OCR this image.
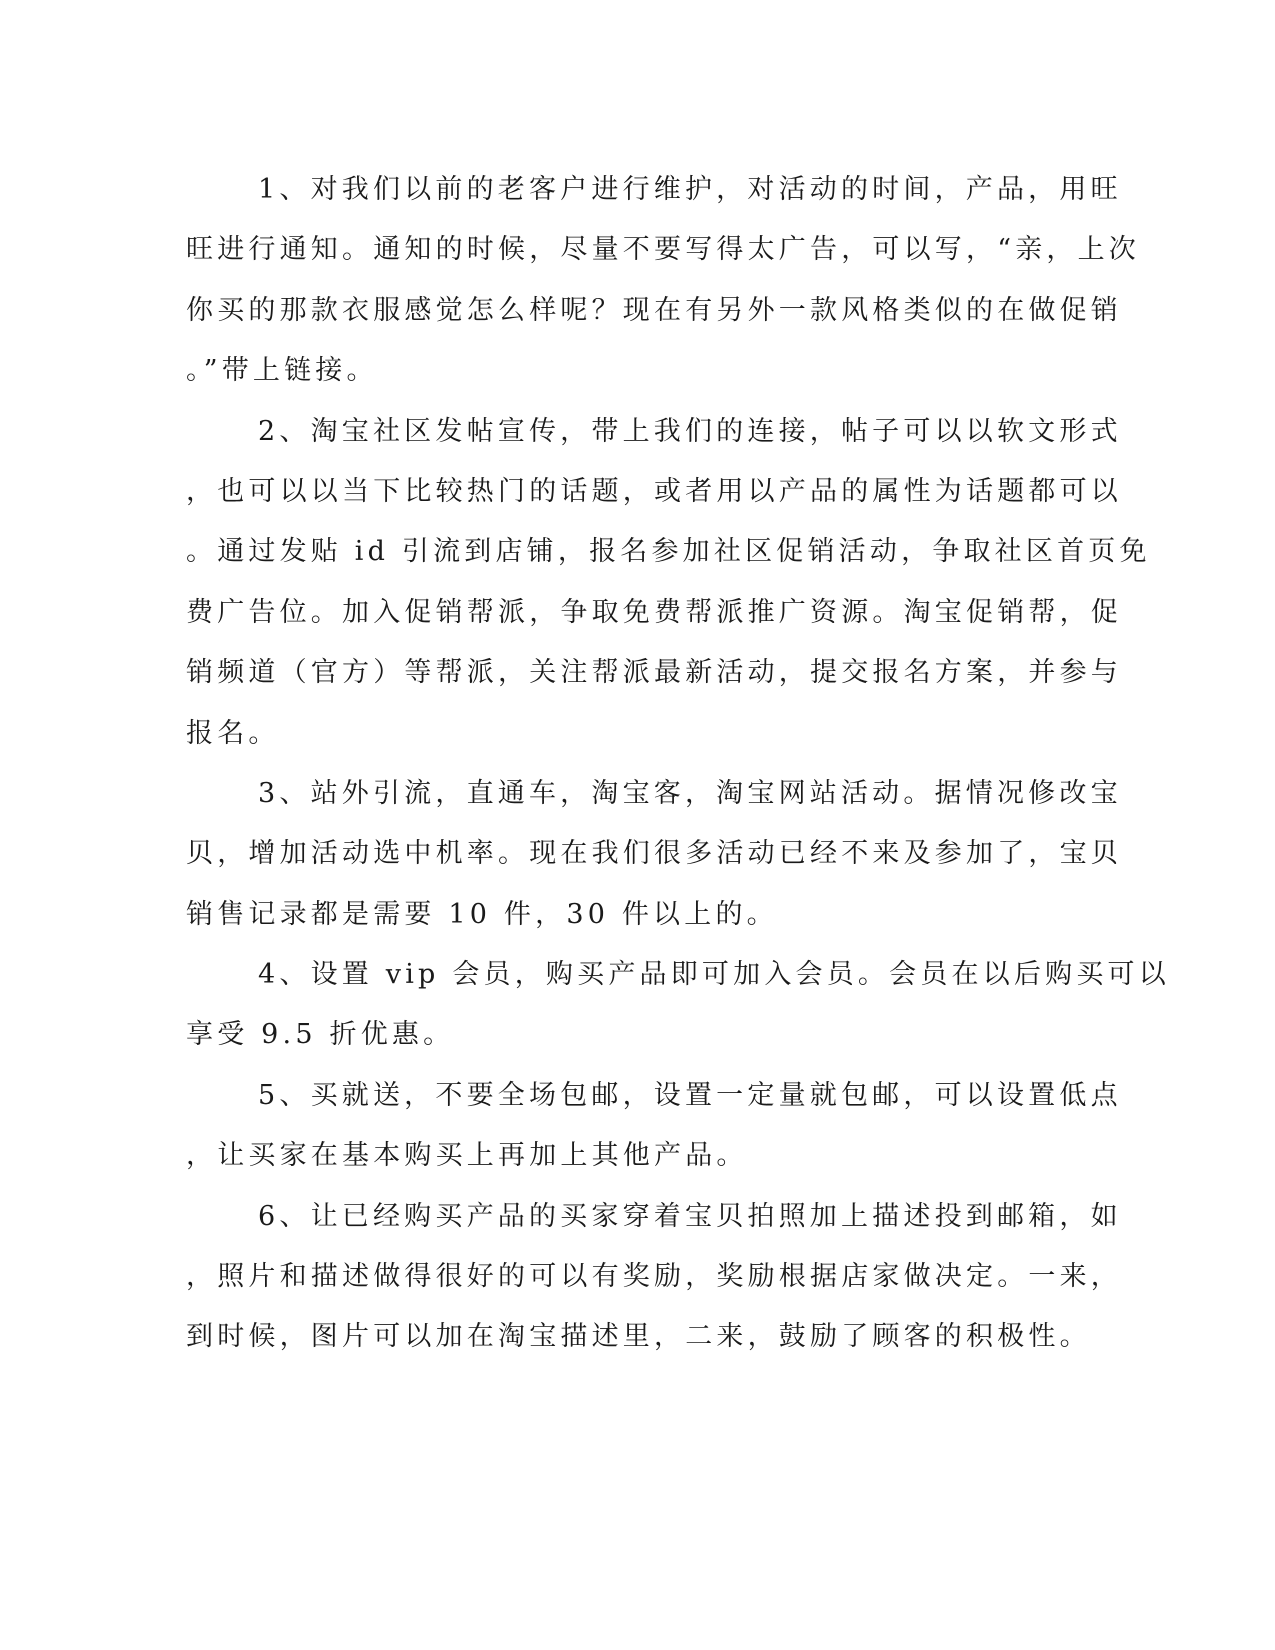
1、对我们以前的老客户进行维护，对活动的时间，产品，用旺
旺进行通知。通知的时候，尽量不要写得太广告，可以写，“亲，上次
你买的那款衣服感觉怎么样呢？现在有另外一款风格类似的在做促销
。”带上链接。
2、淘宝社区发帖宣传，带上我们的连接，帖子可以以软文形式
，也可以以当下比较热门的话题，或者用以产品的属性为话题都可以
。通过发贴 id 引流到店铺，报名参加社区促销活动，争取社区首页免
费广告位。加入促销帮派，争取免费帮派推广资源。淘宝促销帮，促
销频道（官方）等帮派，关注帮派最新活动，提交报名方案，并参与
报名。
3、站外引流，直通车，淘宝客，淘宝网站活动。据情况修改宝
贝，增加活动选中机率。现在我们很多活动已经不来及参加了，宝贝
销售记录都是需要 10 件，30 件以上的。
4、设置 vip 会员，购买产品即可加入会员。会员在以后购买可以
享受 9.5 折优惠。
5、买就送，不要全场包邮，设置一定量就包邮，可以设置低点
，让买家在基本购买上再加上其他产品。
6、让已经购买产品的买家穿着宝贝拍照加上描述投到邮箱，如
，照片和描述做得很好的可以有奖励，奖励根据店家做决定。一来，
到时候，图片可以加在淘宝描述里，二来，鼓励了顾客的积极性。
